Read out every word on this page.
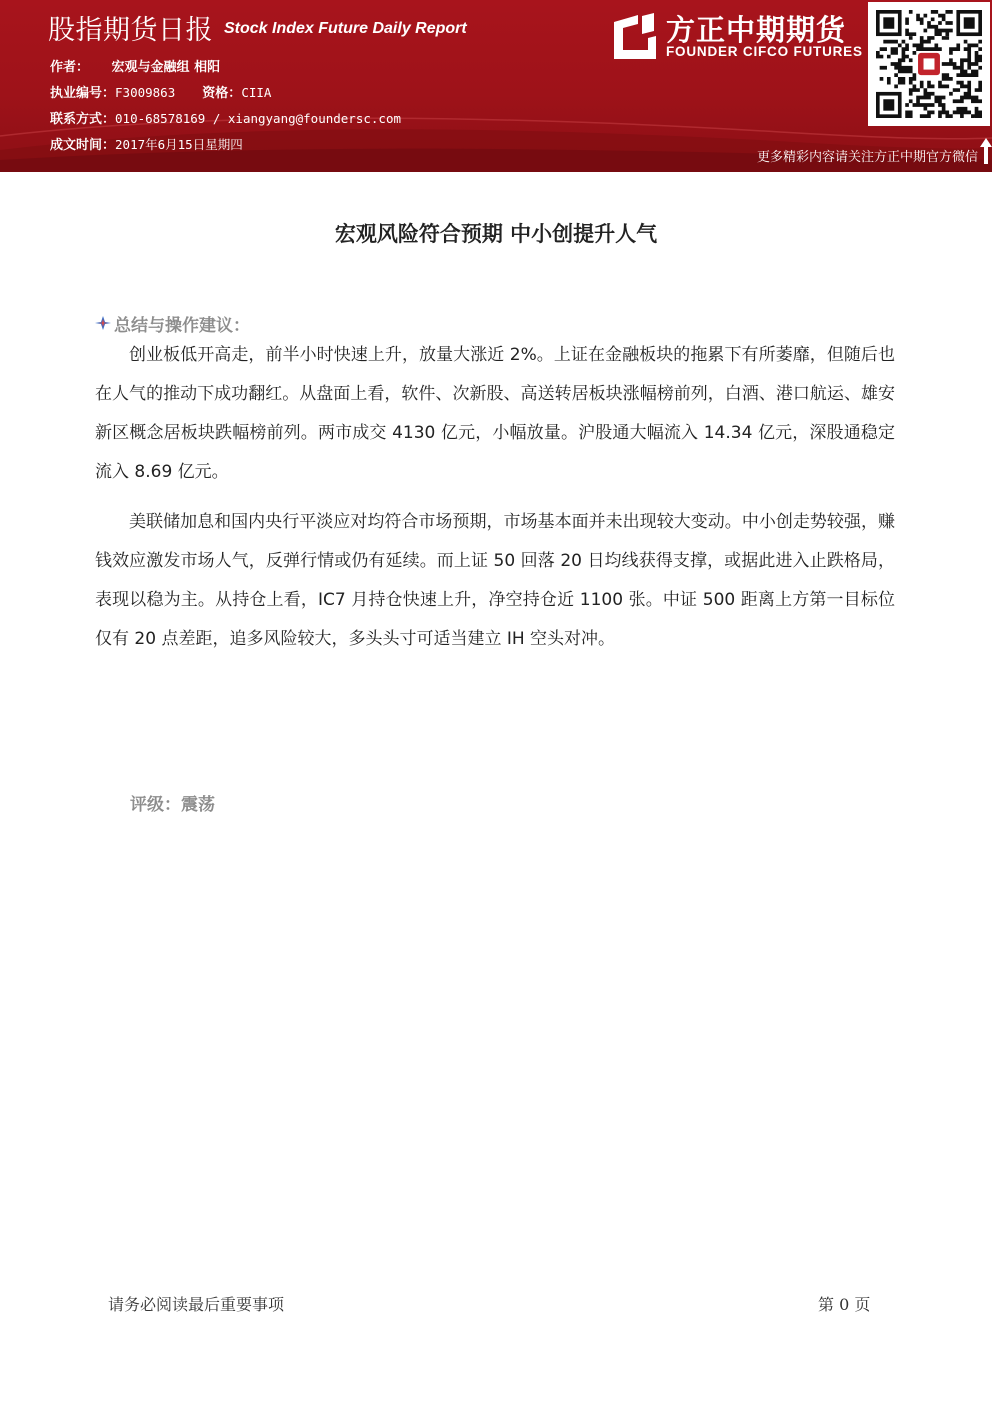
股指期货日报 Stock Index Future Daily Report
作者： 宏观与金融组 相阳
执业编号：F3009863 资格：CIIA
联系方式：010-68578169 / xiangyang@foundersc.com
成文时间：2017年6月15日星期四
方正中期期货
FOUNDER CIFCO FUTURES
更多精彩内容请关注方正中期官方微信
宏观风险符合预期 中小创提升人气
总结与操作建议：

创业板低开高走，前半小时快速上升，放量大涨近 2%。上证在金融板块的拖累下有所萎靡，但随后也在人气的推动下成功翻红。从盘面上看，软件、次新股、高送转居板块涨幅榜前列，白酒、港口航运、雄安新区概念居板块跌幅榜前列。两市成交 4130 亿元，小幅放量。沪股通大幅流入 14.34 亿元，深股通稳定流入 8.69 亿元。

美联储加息和国内央行平淡应对均符合市场预期，市场基本面并未出现较大变动。中小创走势较强，赚钱效应激发市场人气，反弹行情或仍有延续。而上证 50 回落 20 日均线获得支撑，或据此进入止跌格局，表现以稳为主。从持仓上看，IC7 月持仓快速上升，净空持仓近 1100 张。中证 500 距离上方第一目标位仅有 20 点差距，追多风险较大，多头头寸可适当建立 IH 空头对冲。

评级：震荡
请务必阅读最后重要事项	第 0 页
